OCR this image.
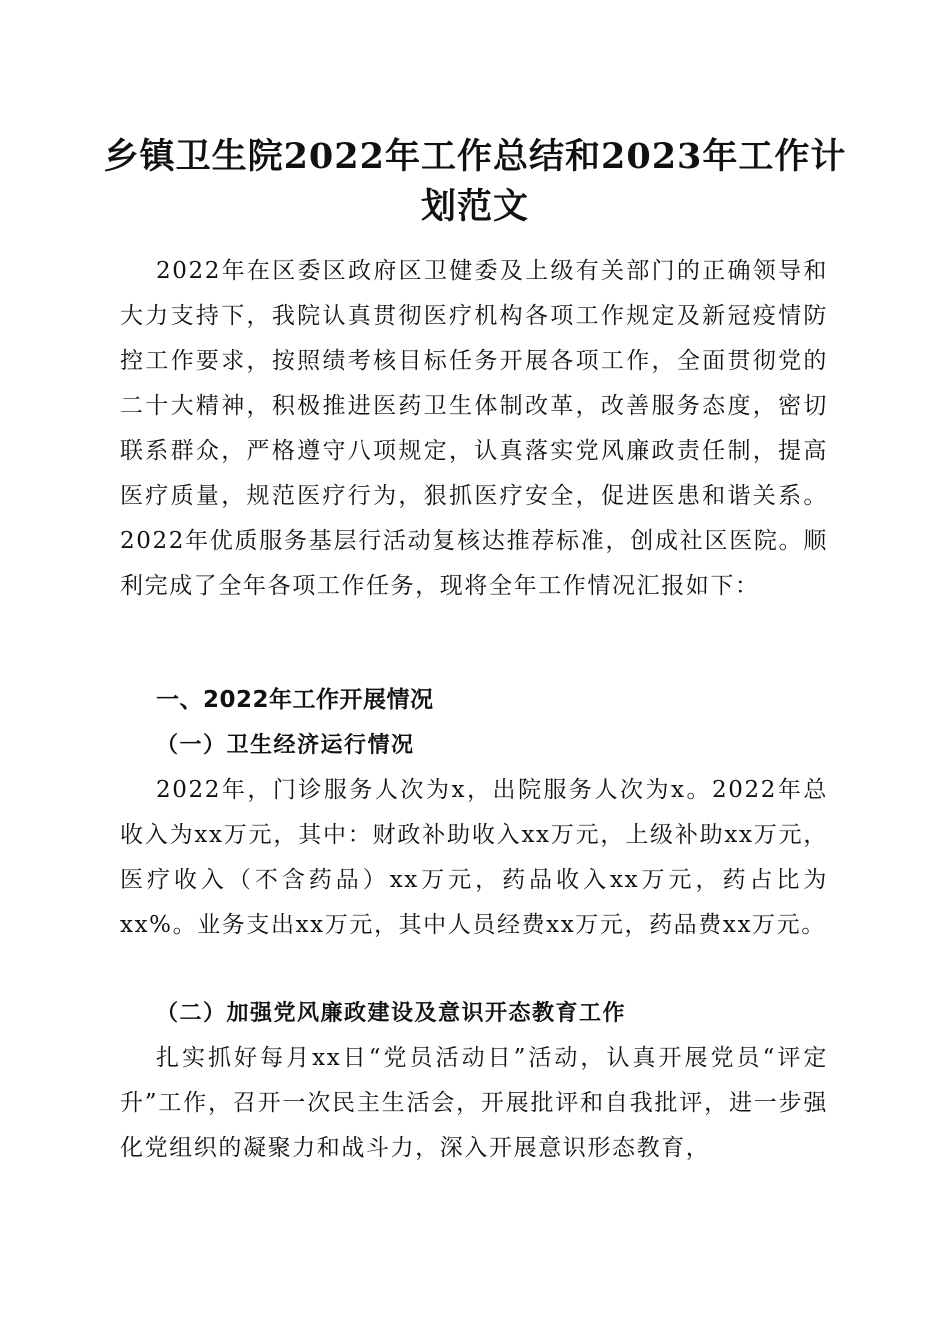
乡镇卫生院2022年工作总结和2023年工作计划范文

2022年在区委区政府区卫健委及上级有关部门的正确领导和大力支持下，我院认真贯彻医疗机构各项工作规定及新冠疫情防控工作要求，按照绩考核目标任务开展各项工作，全面贯彻党的二十大精神，积极推进医药卫生体制改革，改善服务态度，密切联系群众，严格遵守八项规定，认真落实党风廉政责任制，提高医疗质量，规范医疗行为，狠抓医疗安全，促进医患和谐关系。2022年优质服务基层行活动复核达推荐标准，创成社区医院。顺利完成了全年各项工作任务，现将全年工作情况汇报如下：

一、2022年工作开展情况
（一）卫生经济运行情况

2022年，门诊服务人次为x，出院服务人次为x。2022年总收入为xx万元，其中：财政补助收入xx万元，上级补助xx万元，医疗收入（不含药品）xx万元，药品收入xx万元，药占比为xx%。业务支出xx万元，其中人员经费xx万元，药品费xx万元。

（二）加强党风廉政建设及意识开态教育工作

扎实抓好每月xx日“党员活动日”活动，认真开展党员“评定升”工作，召开一次民主生活会，开展批评和自我批评，进一步强化党组织的凝聚力和战斗力，深入开展意识形态教育，
